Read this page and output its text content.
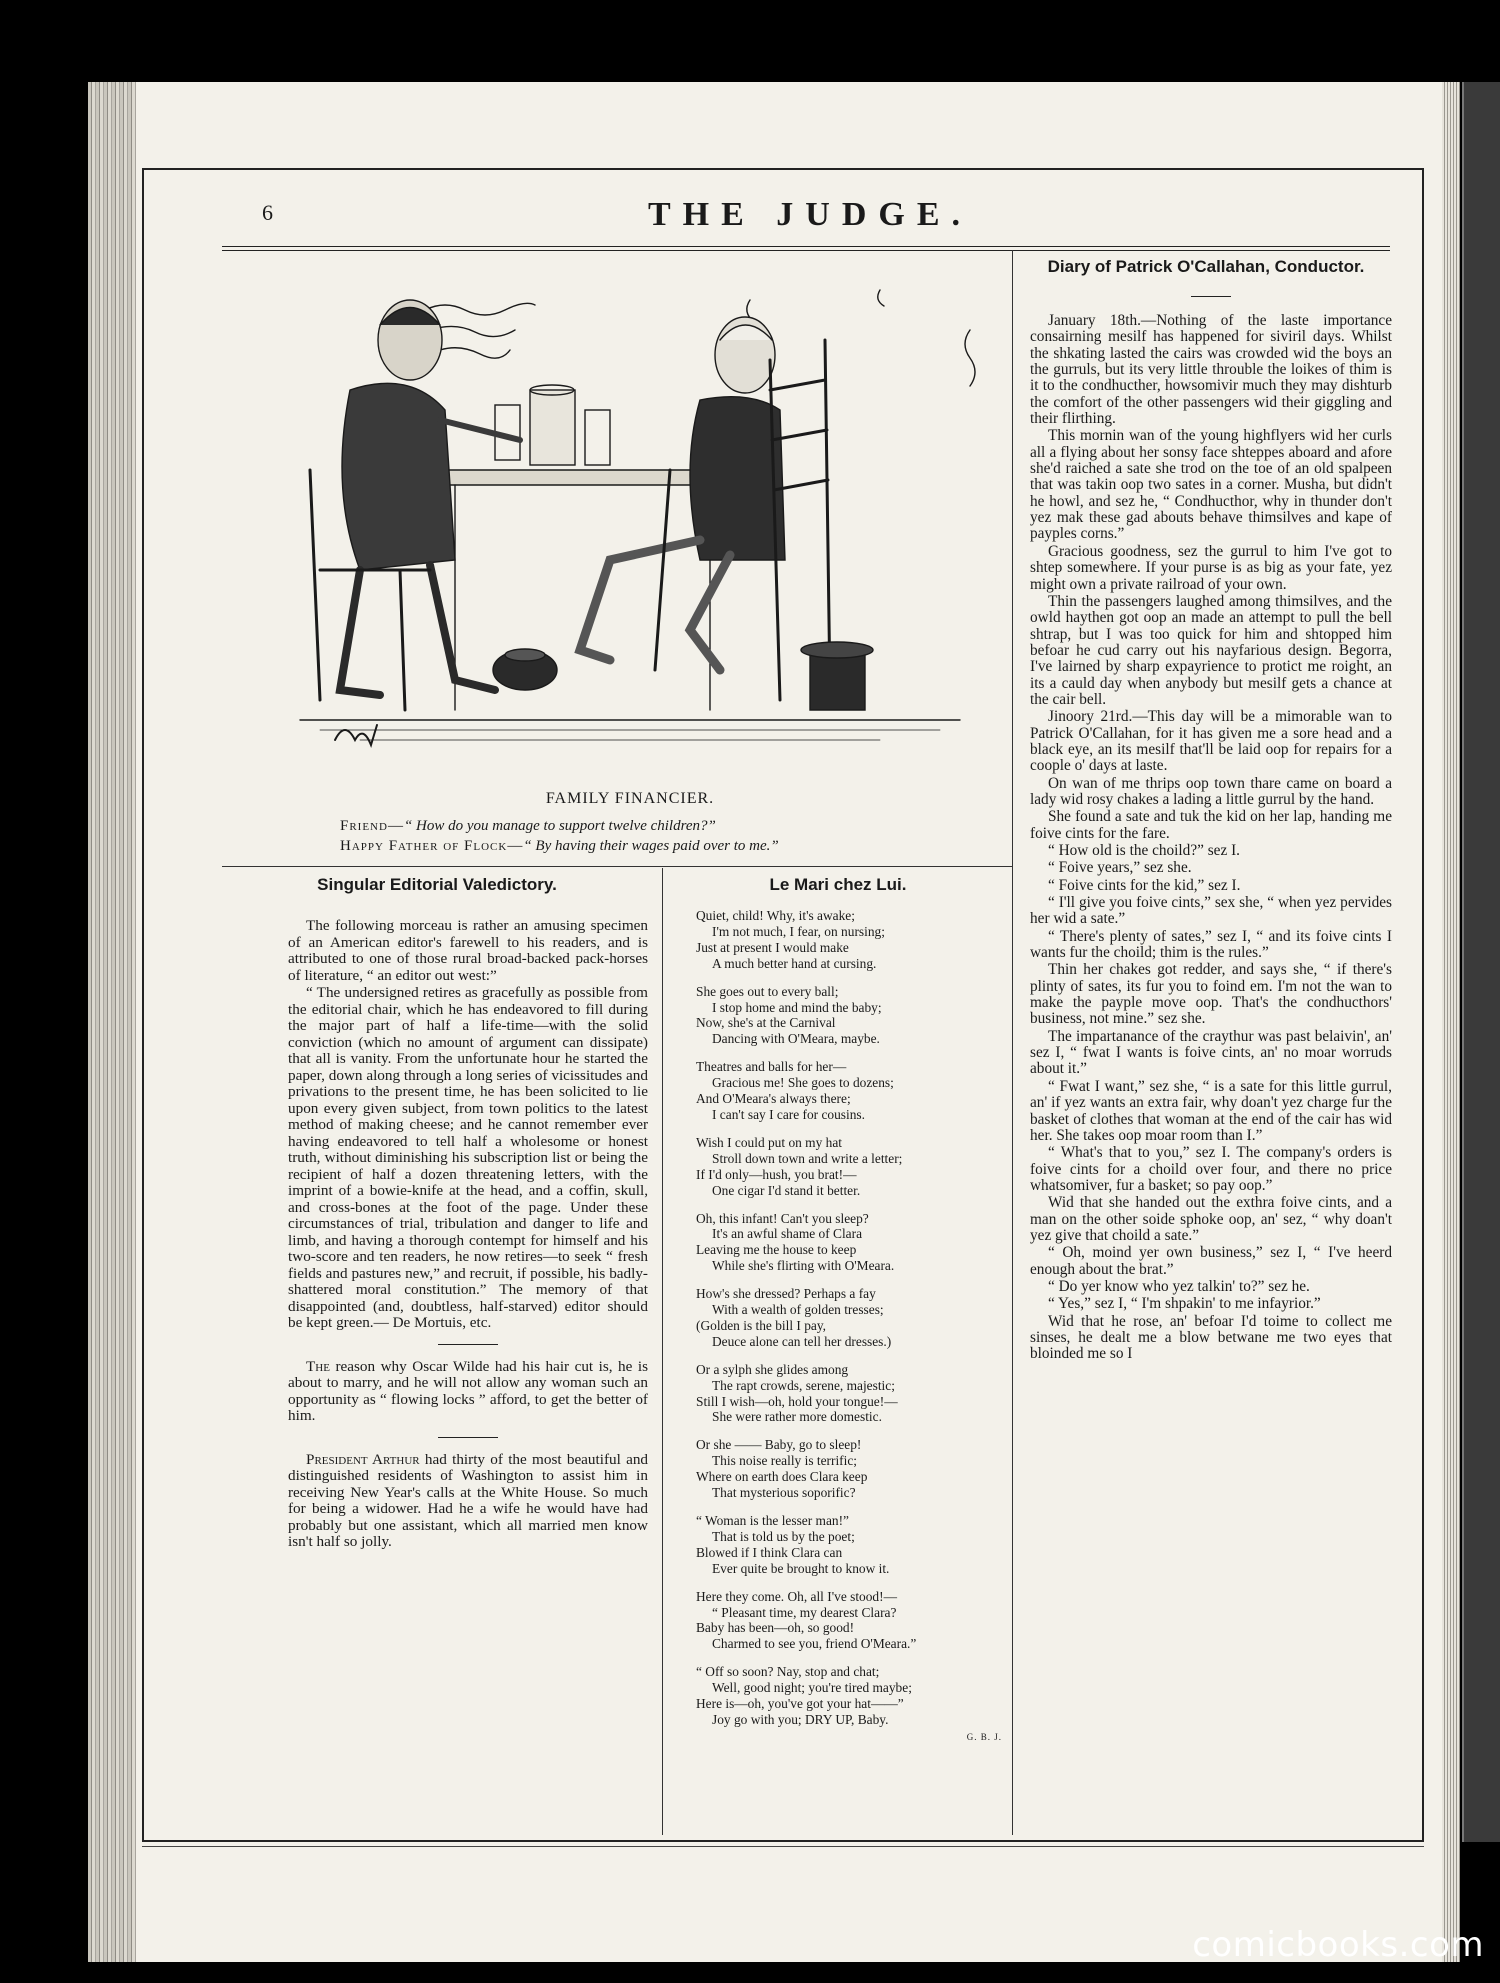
6	THE JUDGE.
FAMILY FINANCIER.
Friend—“ How do you manage to support twelve children?”
Happy Father of Flock—“ By having their wages paid over to me.”
Singular Editorial Valedictory.

The following morceau is rather an amusing specimen of an American editor's farewell to his readers, and is attributed to one of those rural broad-backed pack-horses of literature, “ an editor out west:”

“ The undersigned retires as gracefully as possible from the editorial chair, which he has endeavored to fill during the major part of half a life-time—with the solid conviction (which no amount of argument can dissipate) that all is vanity. From the unfortunate hour he started the paper, down along through a long series of vicissitudes and privations to the present time, he has been solicited to lie upon every given subject, from town politics to the latest method of making cheese; and he cannot remember ever having endeavored to tell half a wholesome or honest truth, without diminishing his subscription list or being the recipient of half a dozen threatening letters, with the imprint of a bowie-knife at the head, and a coffin, skull, and cross-bones at the foot of the page. Under these circumstances of trial, tribulation and danger to life and limb, and having a thorough contempt for himself and his two-score and ten readers, he now retires—to seek “ fresh fields and pastures new,” and recruit, if possible, his badly-shattered moral constitution.” The memory of that disappointed (and, doubtless, half-starved) editor should be kept green.— De Mortuis, etc.

The reason why Oscar Wilde had his hair cut is, he is about to marry, and he will not allow any woman such an opportunity as “ flowing locks ” afford, to get the better of him.

President Arthur had thirty of the most beautiful and distinguished residents of Washington to assist him in receiving New Year's calls at the White House. So much for being a widower. Had he a wife he would have had probably but one assistant, which all married men know isn't half so jolly.

Le Mari chez Lui.
Quiet, child! Why, it's awake;
I'm not much, I fear, on nursing;
Just at present I would make
A much better hand at cursing.
She goes out to every ball;
I stop home and mind the baby;
Now, she's at the Carnival
Dancing with O'Meara, maybe.
Theatres and balls for her—
Gracious me! She goes to dozens;
And O'Meara's always there;
I can't say I care for cousins.
Wish I could put on my hat
Stroll down town and write a letter;
If I'd only—hush, you brat!—
One cigar I'd stand it better.
Oh, this infant! Can't you sleep?
It's an awful shame of Clara
Leaving me the house to keep
While she's flirting with O'Meara.
How's she dressed? Perhaps a fay
With a wealth of golden tresses;
(Golden is the bill I pay,
Deuce alone can tell her dresses.)
Or a sylph she glides among
The rapt crowds, serene, majestic;
Still I wish—oh, hold your tongue!—
She were rather more domestic.
Or she —— Baby, go to sleep!
This noise really is terrific;
Where on earth does Clara keep
That mysterious soporific?
“ Woman is the lesser man!”
That is told us by the poet;
Blowed if I think Clara can
Ever quite be brought to know it.
Here they come. Oh, all I've stood!—
“ Pleasant time, my dearest Clara?
Baby has been—oh, so good!
Charmed to see you, friend O'Meara.”
“ Off so soon? Nay, stop and chat;
Well, good night; you're tired maybe;
Here is—oh, you've got your hat——”
Joy go with you; DRY UP, Baby.
G. B. J.
Diary of Patrick O'Callahan, Conductor.

January 18th.—Nothing of the laste importance consairning mesilf has happened for siviril days. Whilst the shkating lasted the cairs was crowded wid the boys an the gurruls, but its very little throuble the loikes of thim is it to the condhucther, howsomivir much they may dishturb the comfort of the other passengers wid their giggling and their flirthing.

This mornin wan of the young highflyers wid her curls all a flying about her sonsy face shteppes aboard and afore she'd raiched a sate she trod on the toe of an old spalpeen that was takin oop two sates in a corner. Musha, but didn't he howl, and sez he, “ Condhucthor, why in thunder don't yez mak these gad abouts behave thimsilves and kape of payples corns.”

Gracious goodness, sez the gurrul to him I've got to shtep somewhere. If your purse is as big as your fate, yez might own a private railroad of your own.

Thin the passengers laughed among thimsilves, and the owld haythen got oop an made an attempt to pull the bell shtrap, but I was too quick for him and shtopped him befoar he cud carry out his nayfarious design. Begorra, I've lairned by sharp expayrience to protict me roight, an its a cauld day when anybody but mesilf gets a chance at the cair bell.

Jinoory 21rd.—This day will be a mimorable wan to Patrick O'Callahan, for it has given me a sore head and a black eye, an its mesilf that'll be laid oop for repairs for a coople o' days at laste.

On wan of me thrips oop town thare came on board a lady wid rosy chakes a lading a little gurrul by the hand.

She found a sate and tuk the kid on her lap, handing me foive cints for the fare.

“ How old is the choild?” sez I.

“ Foive years,” sez she.

“ Foive cints for the kid,” sez I.

“ I'll give you foive cints,” sex she, “ when yez pervides her wid a sate.”

“ There's plenty of sates,” sez I, “ and its foive cints I wants fur the choild; thim is the rules.”

Thin her chakes got redder, and says she, “ if there's plinty of sates, its fur you to foind em. I'm not the wan to make the payple move oop. That's the condhucthors' business, not mine.” sez she.

The impartanance of the craythur was past belaivin', an' sez I, “ fwat I wants is foive cints, an' no moar worruds about it.”

“ Fwat I want,” sez she, “ is a sate for this little gurrul, an' if yez wants an extra fair, why doan't yez charge fur the basket of clothes that woman at the end of the cair has wid her. She takes oop moar room than I.”

“ What's that to you,” sez I. The company's orders is foive cints for a choild over four, and there no price whatsomiver, fur a basket; so pay oop.”

Wid that she handed out the exthra foive cints, and a man on the other soide sphoke oop, an' sez, “ why doan't yez give that choild a sate.”

“ Oh, moind yer own business,” sez I, “ I've heerd enough about the brat.”

“ Do yer know who yez talkin' to?” sez he.

“ Yes,” sez I, “ I'm shpakin' to me infayrior.”

Wid that he rose, an' befoar I'd toime to collect me sinses, he dealt me a blow betwane me two eyes that bloinded me so I

comicbooks.com
